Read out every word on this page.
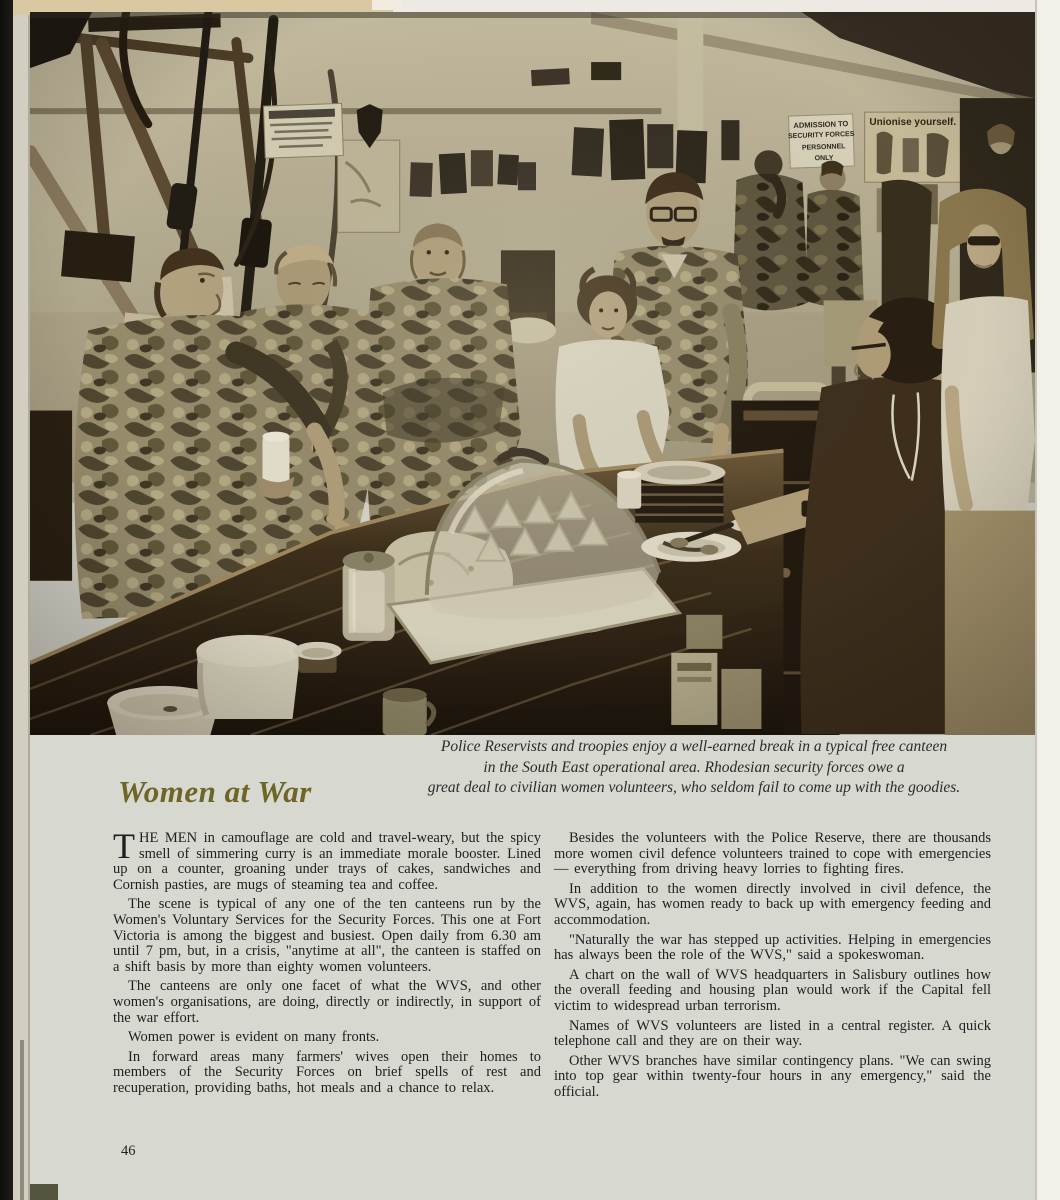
Police Reservists and troopies enjoy a well-earned break in a typical free canteen
in the South East operational area. Rhodesian security forces owe a
great deal to civilian women volunteers, who seldom fail to come up with the goodies.
Women at War

THE MEN in camouflage are cold and travel-weary, but the spicy smell of simmering curry is an immediate morale booster. Lined up on a counter, groaning under trays of cakes, sandwiches and Cornish pasties, are mugs of steaming tea and coffee.

The scene is typical of any one of the ten canteens run by the Women's Voluntary Services for the Security Forces. This one at Fort Victoria is among the biggest and busiest. Open daily from 6.30 am until 7 pm, but, in a crisis, "anytime at all", the canteen is staffed on a shift basis by more than eighty women volunteers.

The canteens are only one facet of what the WVS, and other women's organisations, are doing, directly or indirectly, in support of the war effort.

Women power is evident on many fronts.

In forward areas many farmers' wives open their homes to members of the Security Forces on brief spells of rest and recuperation, providing baths, hot meals and a chance to relax.

Besides the volunteers with the Police Reserve, there are thousands more women civil defence volunteers trained to cope with emergencies — everything from driving heavy lorries to fighting fires.

In addition to the women directly involved in civil defence, the WVS, again, has women ready to back up with emergency feeding and accommodation.

"Naturally the war has stepped up activities. Helping in emergencies has always been the role of the WVS," said a spokeswoman.

A chart on the wall of WVS headquarters in Salisbury outlines how the overall feeding and housing plan would work if the Capital fell victim to widespread urban terrorism.

Names of WVS volunteers are listed in a central register. A quick telephone call and they are on their way.

Other WVS branches have similar contingency plans. "We can swing into top gear within twenty-four hours in any emergency," said the official.

46
